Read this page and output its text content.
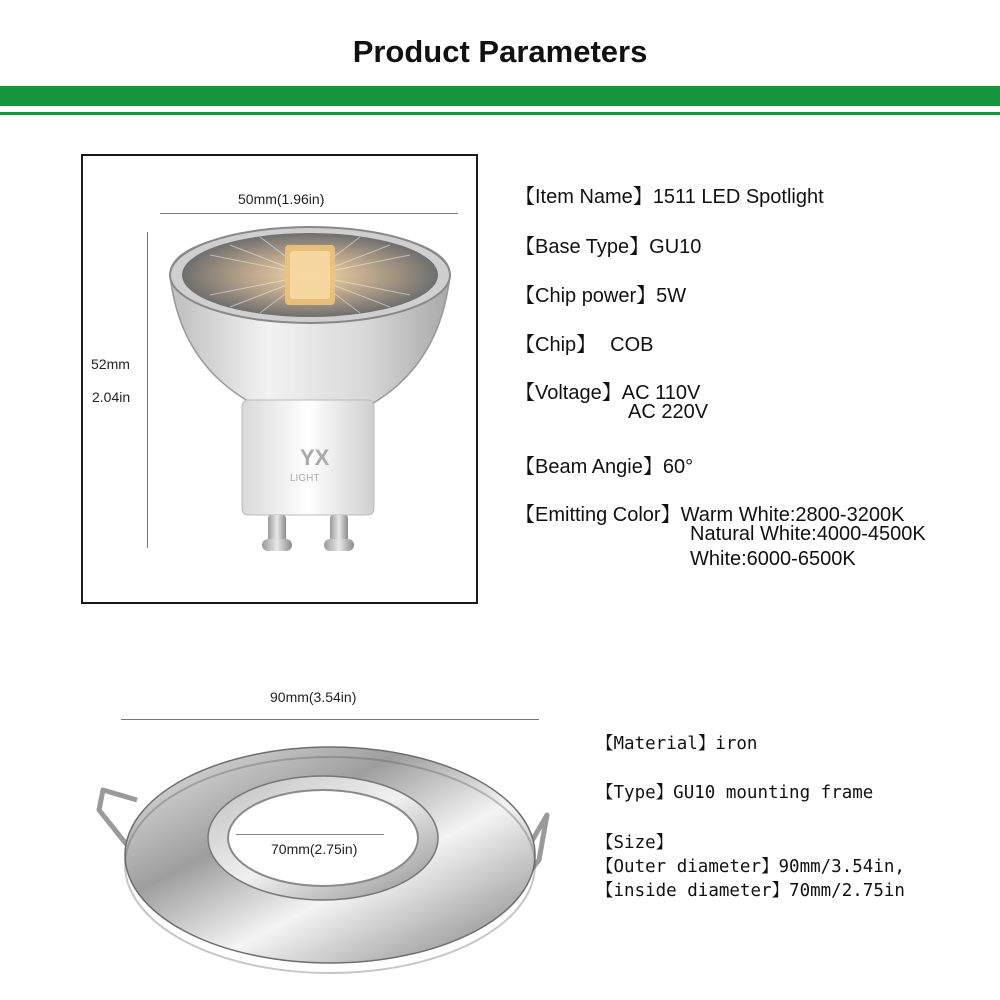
Product Parameters
50mm(1.96in)
52mm
2.04in
YX
LIGHT
【Item Name】1511 LED Spotlight
【Base Type】GU10
【Chip power】5W
【Chip】 COB
【Voltage】AC 110V
AC 220V
【Beam Angie】60°
【Emitting Color】Warm White:2800-3200K
Natural White:4000-4500K
White:6000-6500K
90mm(3.54in)
70mm(2.75in)
【Material】iron
【Type】GU10 mounting frame
【Size】
【Outer diameter】90mm/3.54in,
【inside diameter】70mm/2.75in
